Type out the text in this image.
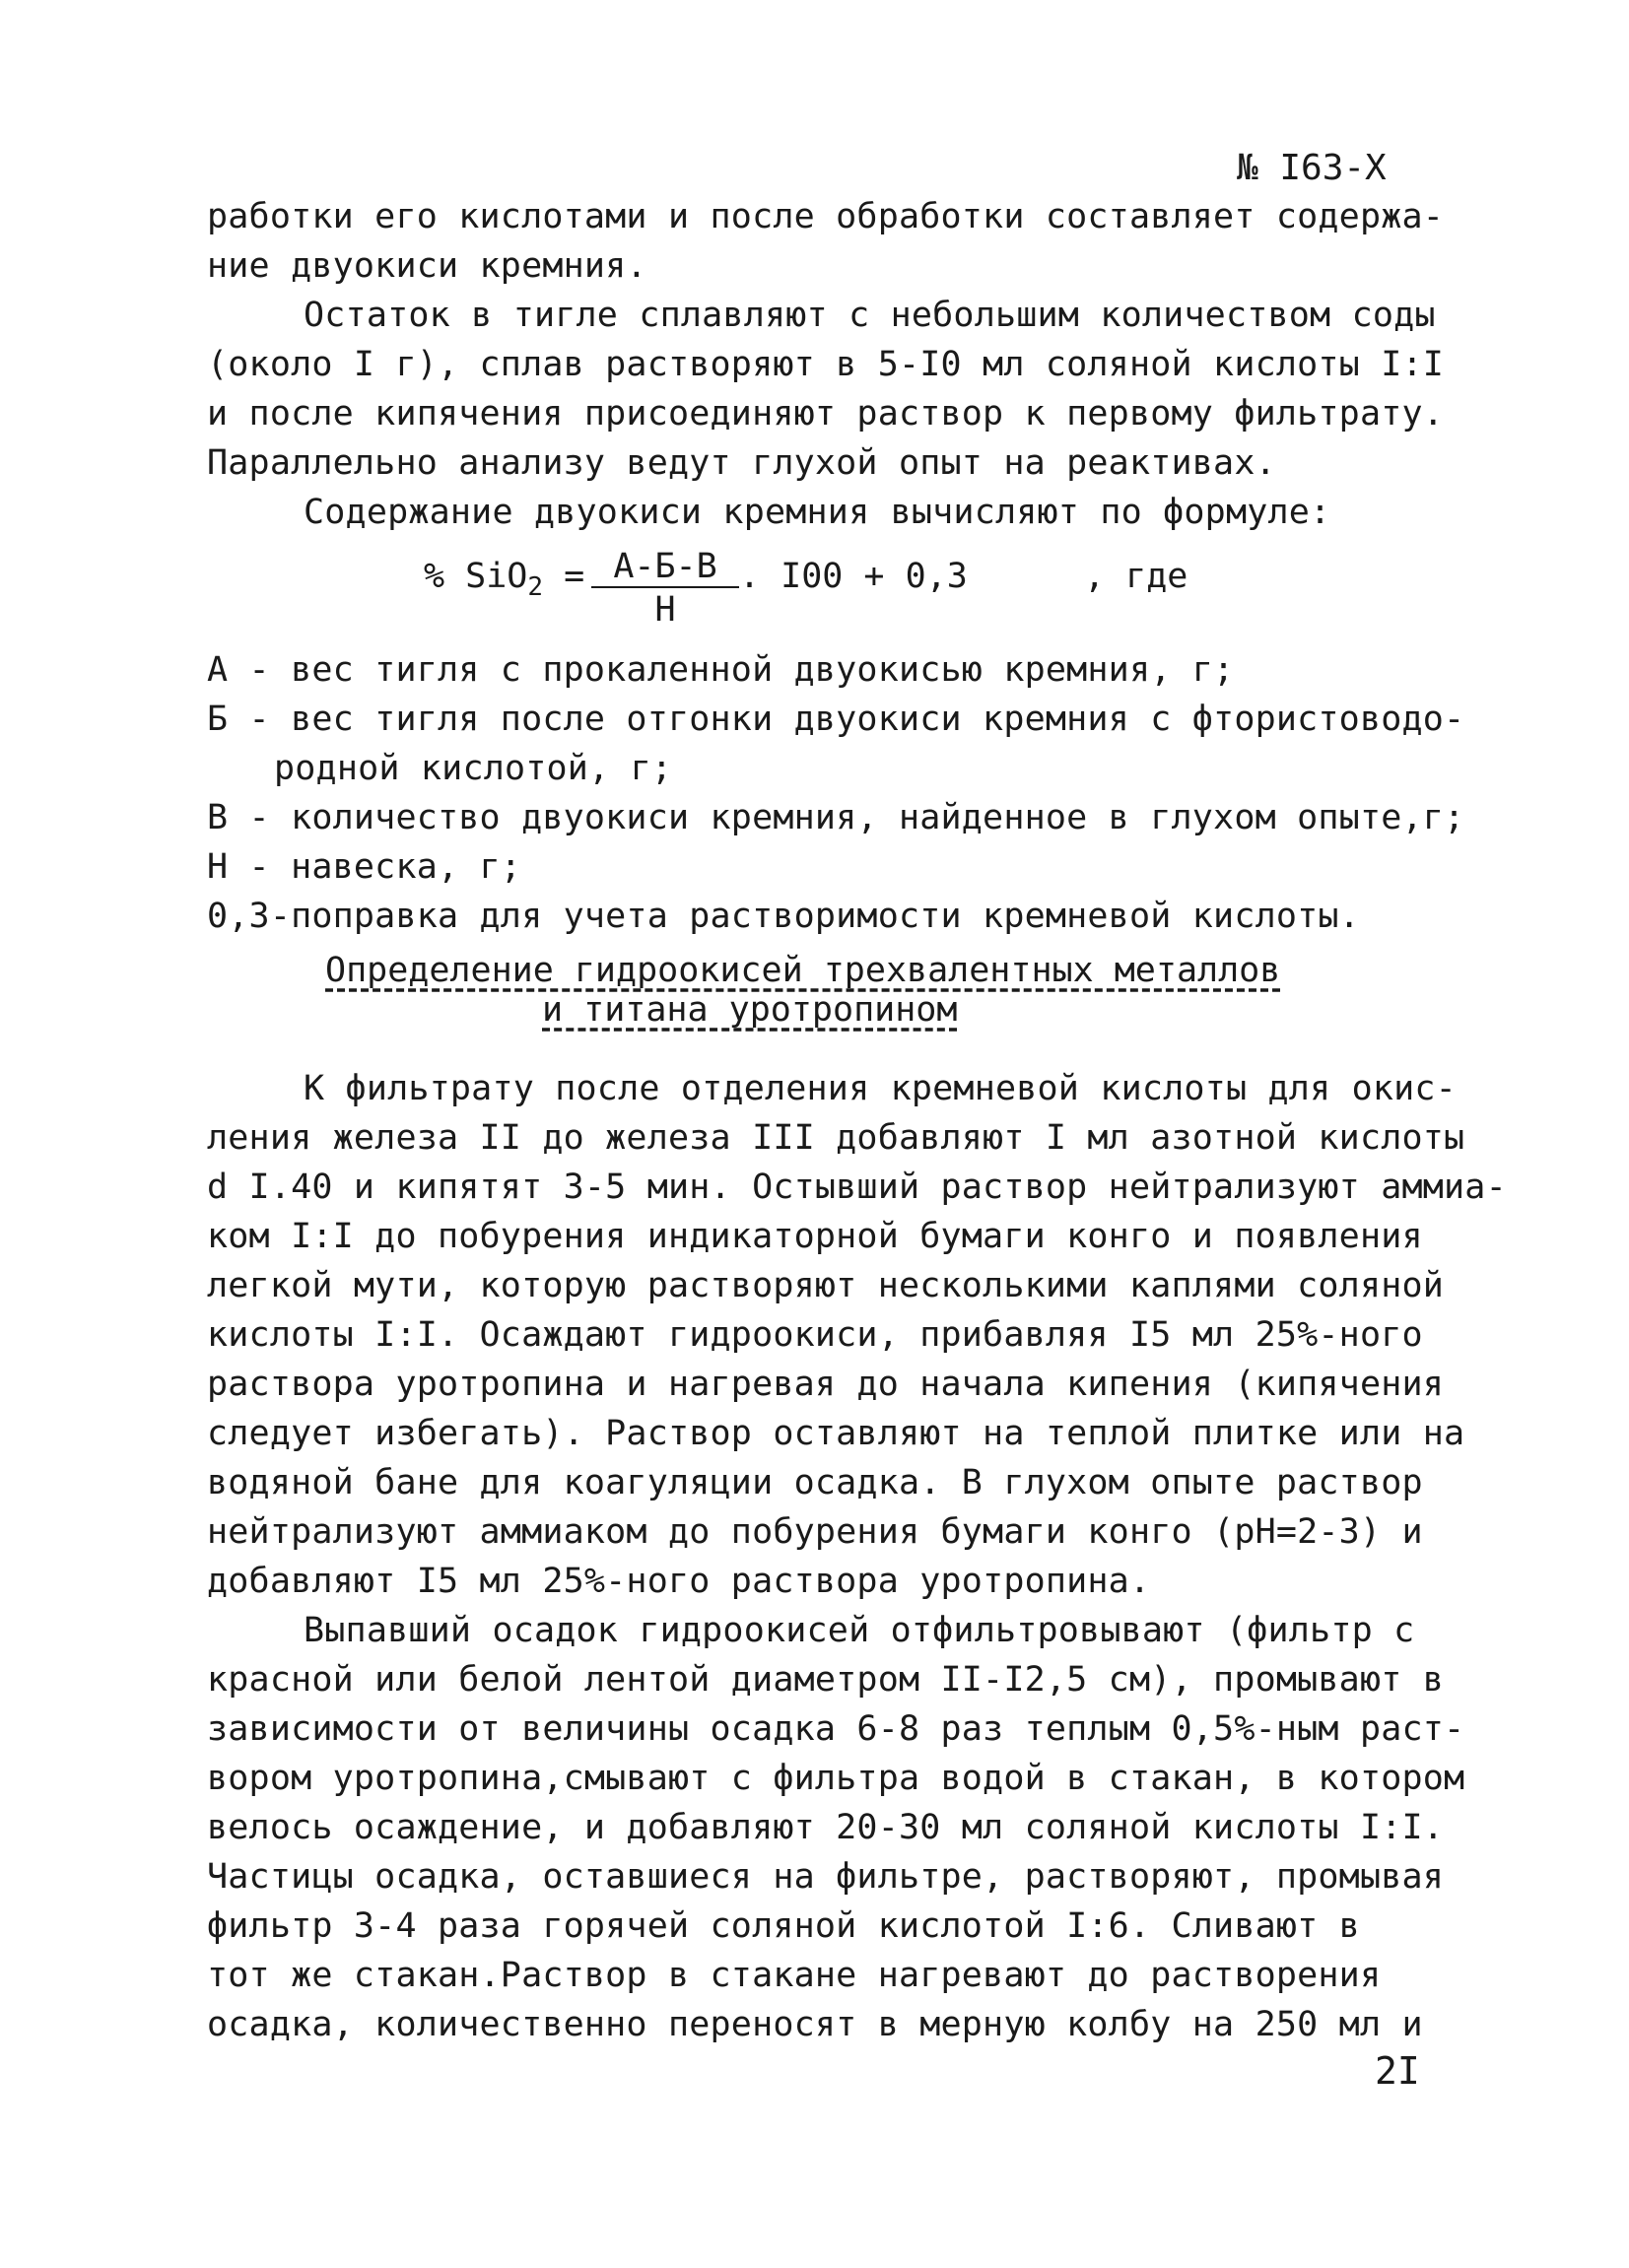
№ I63-X
работки его кислотами и после обработки составляет содержа-
ние двуокиси кремния.
Остаток в тигле сплавляют с небольшим количеством соды
(около I г), сплав растворяют в 5-I0 мл соляной кислоты I:I
и после кипячения присоединяют раствор к первому фильтрату.
Параллельно анализу ведут глухой опыт на реактивах.
Содержание двуокиси кремния вычисляют по формуле:
% SiO$_2$ = А-Б-В
Н
. I00 + 0,3	, где
А - вес тигля с прокаленной двуокисью кремния, г;
Б - вес тигля после отгонки двуокиси кремния с фтористоводо-
родной кислотой, г;
В - количество двуокиси кремния, найденное в глухом опыте,г;
Н - навеска, г;
0,3-поправка для учета растворимости кремневой кислоты.
Определение гидроокисей трехвалентных металлов
и титана уротропином
К фильтрату после отделения кремневой кислоты для окис-
ления железа II до железа III добавляют I мл азотной кислоты
d I.40 и кипятят 3-5 мин. Остывший раствор нейтрализуют аммиа-
ком I:I до побурения индикаторной бумаги конго и появления
легкой мути, которую растворяют несколькими каплями соляной
кислоты I:I. Осаждают гидроокиси, прибавляя I5 мл 25%-ного
раствора уротропина и нагревая до начала кипения (кипячения
следует избегать). Раствор оставляют на теплой плитке или на
водяной бане для коагуляции осадка. В глухом опыте раствор
нейтрализуют аммиаком до побурения бумаги конго (pH=2-3) и
добавляют I5 мл 25%-ного раствора уротропина.
Выпавший осадок гидроокисей отфильтровывают (фильтр с
красной или белой лентой диаметром II-I2,5 см), промывают в
зависимости от величины осадка 6-8 раз теплым 0,5%-ным раст-
вором уротропина,смывают с фильтра водой в стакан, в котором
велось осаждение, и добавляют 20-30 мл соляной кислоты I:I.
Частицы осадка, оставшиеся на фильтре, растворяют, промывая
фильтр 3-4 раза горячей соляной кислотой I:6. Сливают в
тот же стакан.Раствор в стакане нагревают до растворения
осадка, количественно переносят в мерную колбу на 250 мл и
2I
